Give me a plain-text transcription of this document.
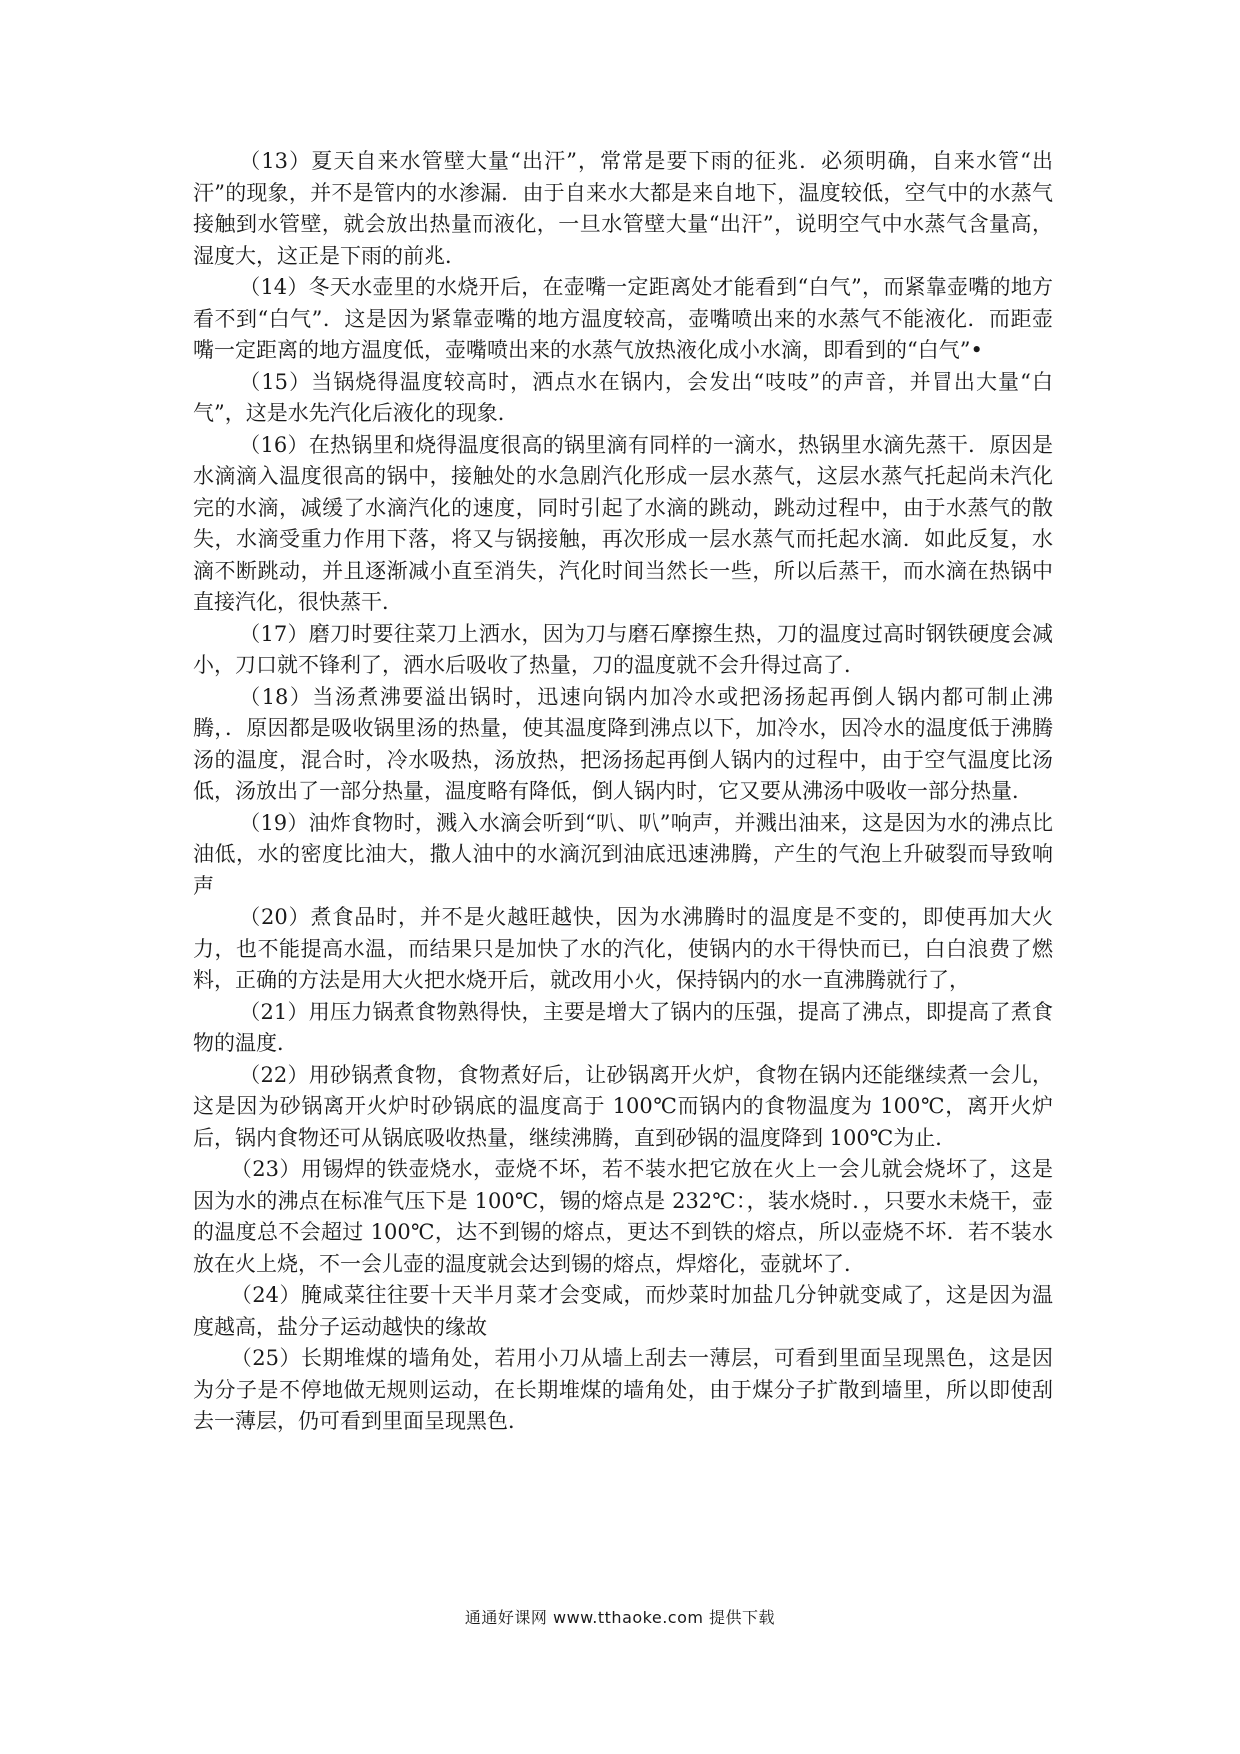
（13）夏天自来水管壁大量“出汗”，常常是要下雨的征兆．必须明确，自来水管“出汗”的现象，并不是管内的水渗漏．由于自来水大都是来自地下，温度较低，空气中的水蒸气接触到水管壁，就会放出热量而液化，一旦水管壁大量“出汗”，说明空气中水蒸气含量高，湿度大，这正是下雨的前兆．

（14）冬天水壶里的水烧开后，在壶嘴一定距离处才能看到“白气”，而紧靠壶嘴的地方看不到“白气”．这是因为紧靠壶嘴的地方温度较高，壶嘴喷出来的水蒸气不能液化．而距壶嘴一定距离的地方温度低，壶嘴喷出来的水蒸气放热液化成小水滴，即看到的“白气”•

（15）当锅烧得温度较高时，洒点水在锅内，会发出“吱吱”的声音，并冒出大量“白气”，这是水先汽化后液化的现象．

（16）在热锅里和烧得温度很高的锅里滴有同样的一滴水，热锅里水滴先蒸干．原因是水滴滴入温度很高的锅中，接触处的水急剧汽化形成一层水蒸气，这层水蒸气托起尚未汽化完的水滴，减缓了水滴汽化的速度，同时引起了水滴的跳动，跳动过程中，由于水蒸气的散失，水滴受重力作用下落，将又与锅接触，再次形成一层水蒸气而托起水滴．如此反复，水滴不断跳动，并且逐渐减小直至消失，汽化时间当然长一些，所以后蒸干，而水滴在热锅中直接汽化，很快蒸干．

（17）磨刀时要往菜刀上洒水，因为刀与磨石摩擦生热，刀的温度过高时钢铁硬度会减小，刀口就不锋利了，洒水后吸收了热量，刀的温度就不会升得过高了．

（18）当汤煮沸要溢出锅时，迅速向锅内加冷水或把汤扬起再倒人锅内都可制止沸腾，．原因都是吸收锅里汤的热量，使其温度降到沸点以下，加冷水，因冷水的温度低于沸腾汤的温度，混合时，冷水吸热，汤放热，把汤扬起再倒人锅内的过程中，由于空气温度比汤低，汤放出了一部分热量，温度略有降低，倒人锅内时，它又要从沸汤中吸收一部分热量．

（19）油炸食物时，溅入水滴会听到“叭、叭”响声，并溅出油来，这是因为水的沸点比油低，水的密度比油大，撒人油中的水滴沉到油底迅速沸腾，产生的气泡上升破裂而导致响声

（20）煮食品时，并不是火越旺越快，因为水沸腾时的温度是不变的，即使再加大火力，也不能提高水温，而结果只是加快了水的汽化，使锅内的水干得快而已，白白浪费了燃料，正确的方法是用大火把水烧开后，就改用小火，保持锅内的水一直沸腾就行了，

（21）用压力锅煮食物熟得快，主要是增大了锅内的压强，提高了沸点，即提高了煮食物的温度．

（22）用砂锅煮食物，食物煮好后，让砂锅离开火炉，食物在锅内还能继续煮一会儿，这是因为砂锅离开火炉时砂锅底的温度高于 100℃而锅内的食物温度为 100℃，离开火炉后，锅内食物还可从锅底吸收热量，继续沸腾，直到砂锅的温度降到 100℃为止．

（23）用锡焊的铁壶烧水，壶烧不坏，若不装水把它放在火上一会儿就会烧坏了，这是因为水的沸点在标准气压下是 100℃，锡的熔点是 232℃：，装水烧时．，只要水未烧干，壶的温度总不会超过 100℃，达不到锡的熔点，更达不到铁的熔点，所以壶烧不坏．若不装水放在火上烧，不一会儿壶的温度就会达到锡的熔点，焊熔化，壶就坏了．

（24）腌咸菜往往要十天半月菜才会变咸，而炒菜时加盐几分钟就变咸了，这是因为温度越高，盐分子运动越快的缘故

（25）长期堆煤的墙角处，若用小刀从墙上刮去一薄层，可看到里面呈现黑色，这是因为分子是不停地做无规则运动，在长期堆煤的墙角处，由于煤分子扩散到墙里，所以即使刮去一薄层，仍可看到里面呈现黑色．

通通好课网 www.tthaoke.com 提供下载
